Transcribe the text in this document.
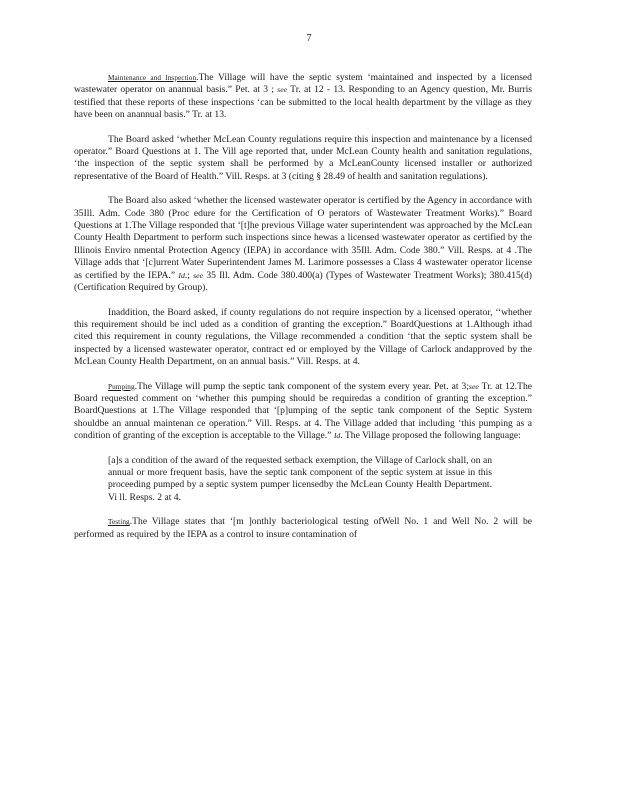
7

Maintenance and Inspection.The Village will have the septic system ‘maintained and inspected by a licensed wastewater operator on anannual basis.” Pet. at 3 ; see Tr. at 12 - 13. Responding to an Agency question, Mr. Burris testified that these reports of these inspections ‘can be submitted to the local health department by the village as they have been on anannual basis.” Tr. at 13.

The Board asked ‘whether McLean County regulations require this inspection and maintenance by a licensed operator.” Board Questions at 1. The Vill age reported that, under McLean County health and sanitation regulations, ‘the inspection of the septic system shall be performed by a McLeanCounty licensed installer or authorized representative of the Board of Health.” Vill. Resps. at 3 (citing § 28.49 of health and sanitation regulations).

The Board also asked ‘whether the licensed wastewater operator is certified by the Agency in accordance with 35Ill. Adm. Code 380 (Proc edure for the Certification of O perators of Wastewater Treatment Works).” Board Questions at 1.The Village responded that ‘[t]he previous Village water superintendent was approached by the McLean County Health Department to perform such inspections since hewas a licensed wastewater operator as certified by the Illinois Enviro nmental Protection Agency (IEPA) in accordance with 35Ill. Adm. Code 380.” Vill. Resps. at 4 .The Village adds that ‘[c]urrent Water Superintendent James M. Larimore possesses a Class 4 wastewater operator license as certified by the IEPA.” Id.; see 35 Ill. Adm. Code 380.400(a) (Types of Wastewater Treatment Works); 380.415(d) (Certification Required by Group).

Inaddition, the Board asked, if county regulations do not require inspection by a licensed operator, ‘‘whether this requirement should be incl uded as a condition of granting the exception.” BoardQuestions at 1.Although ithad cited this requirement in county regulations, the Village recommended a condition ‘that the septic system shall be inspected by a licensed wastewater operator, contract ed or employed by the Village of Carlock andapproved by the McLean County Health Department, on an annual basis.” Vill. Resps. at 4.

Pumping.The Village will pump the septic tank component of the system every year. Pet. at 3;see Tr. at 12.The Board requested comment on ‘whether this pumping should be requiredas a condition of granting the exception.” BoardQuestions at 1.The Village responded that ‘[p]umping of the septic tank component of the Septic System shouldbe an annual maintenan ce operation.” Vill. Resps. at 4. The Village added that including ‘this pumping as a condition of granting of the exception is acceptable to the Village.” Id. The Village proposed the following language:

[a]s a condition of the award of the requested setback exemption, the Village of Carlock shall, on an annual or more frequent basis, have the septic tank component of the septic system at issue in this proceeding pumped by a septic system pumper licensedby the McLean County Health Department. Vi ll. Resps. 2 at 4.

Testing.The Village states that ‘[m ]onthly bacteriological testing ofWell No. 1 and Well No. 2 will be performed as required by the IEPA as a control to insure contamination of
